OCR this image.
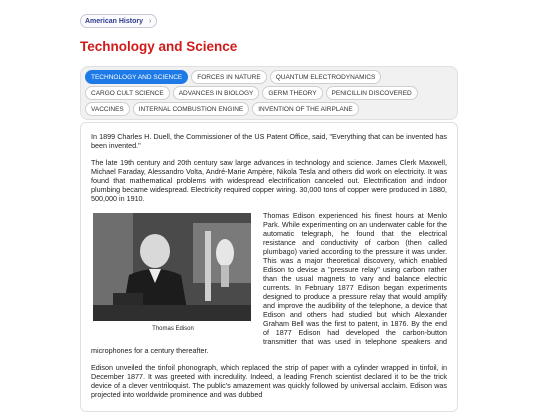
American History ›
Technology and Science
TECHNOLOGY AND SCIENCE	FORCES IN NATURE	QUANTUM ELECTRODYNAMICS
CARGO CULT SCIENCE	ADVANCES IN BIOLOGY	GERM THEORY	PENICILLIN DISCOVERED
VACCINES	INTERNAL COMBUSTION ENGINE	INVENTION OF THE AIRPLANE

In 1899 Charles H. Duell, the Commissioner of the US Patent Office, said, "Everything that can be invented has been invented."

The late 19th century and 20th century saw large advances in technology and science. James Clerk Maxwell, Michael Faraday, Alessandro Volta, André-Marie Ampère, Nikola Tesla and others did work on electricity. It was found that mathematical problems with widespread electrification canceled out. Electrification and indoor plumbing became widespread. Electricity required copper wiring. 30,000 tons of copper were produced in 1880, 500,000 in 1910.

Thomas Edison

Thomas Edison experienced his finest hours at Menlo Park. While experimenting on an underwater cable for the automatic telegraph, he found that the electrical resistance and conductivity of carbon (then called plumbago) varied according to the pressure it was under. This was a major theoretical discovery, which enabled Edison to devise a "pressure relay" using carbon rather than the usual magnets to vary and balance electric currents. In February 1877 Edison began experiments designed to produce a pressure relay that would amplify and improve the audibility of the telephone, a device that Edison and others had studied but which Alexander Graham Bell was the first to patent, in 1876. By the end of 1877 Edison had developed the carbon-button transmitter that was used in telephone speakers and microphones for a century thereafter.

Edison unveiled the tinfoil phonograph, which replaced the strip of paper with a cylinder wrapped in tinfoil, in December 1877. It was greeted with incredulity. Indeed, a leading French scientist declared it to be the trick device of a clever ventriloquist. The public's amazement was quickly followed by universal acclaim. Edison was projected into worldwide prominence and was dubbed
